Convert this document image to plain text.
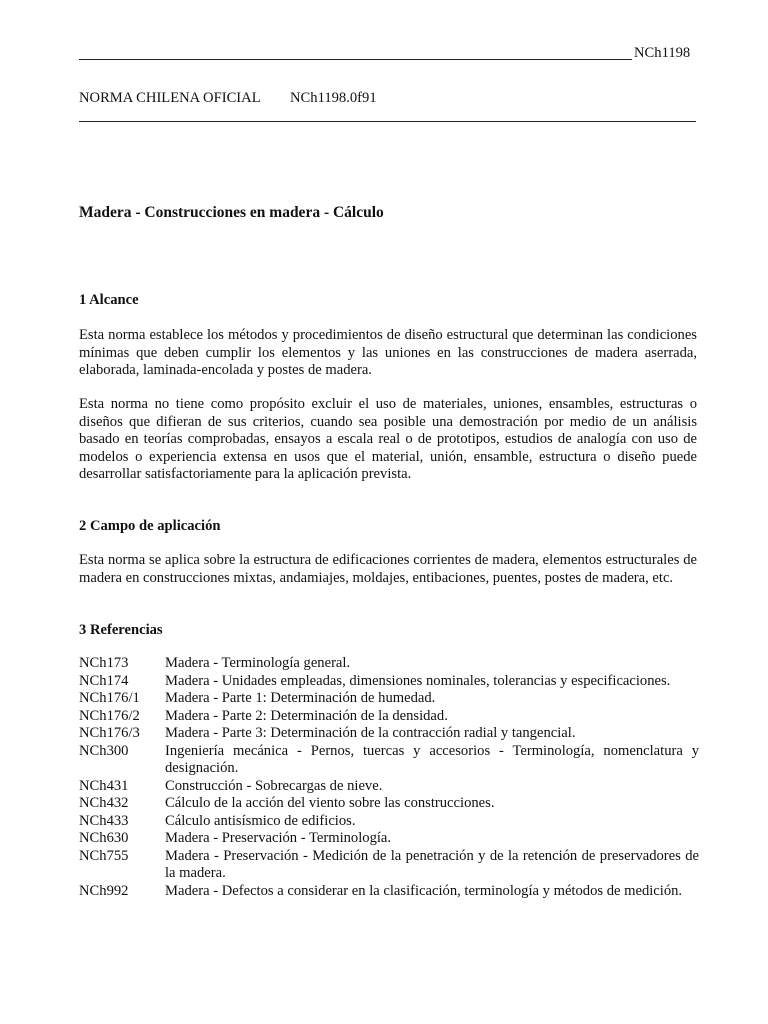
NCh1198
NORMA CHILENA OFICIAL NCh1198.0f91
Madera - Construcciones en madera - Cálculo
1 Alcance
Esta norma establece los métodos y procedimientos de diseño estructural que determinan las condiciones mínimas que deben cumplir los elementos y las uniones en las construcciones de madera aserrada, elaborada, laminada-encolada y postes de madera.
Esta norma no tiene como propósito excluir el uso de materiales, uniones, ensambles, estructuras o diseños que difieran de sus criterios, cuando sea posible una demostración por medio de un análisis basado en teorías comprobadas, ensayos a escala real o de prototipos, estudios de analogía con uso de modelos o experiencia extensa en usos que el material, unión, ensamble, estructura o diseño puede desarrollar satisfactoriamente para la aplicación prevista.
2 Campo de aplicación
Esta norma se aplica sobre la estructura de edificaciones corrientes de madera, elementos estructurales de madera en construcciones mixtas, andamiajes, moldajes, entibaciones, puentes, postes de madera, etc.
3 Referencias
NCh173	Madera - Terminología general.
NCh174	Madera - Unidades empleadas, dimensiones nominales, tolerancias y especificaciones.
NCh176/1	Madera - Parte 1: Determinación de humedad.
NCh176/2	Madera - Parte 2: Determinación de la densidad.
NCh176/3	Madera - Parte 3: Determinación de la contracción radial y tangencial.
NCh300	Ingeniería mecánica - Pernos, tuercas y accesorios - Terminología, nomenclatura y designación.
NCh431	Construcción - Sobrecargas de nieve.
NCh432	Cálculo de la acción del viento sobre las construcciones.
NCh433	Cálculo antisísmico de edificios.
NCh630	Madera - Preservación - Terminología.
NCh755	Madera - Preservación - Medición de la penetración y de la retención de preservadores de la madera.
NCh992	Madera - Defectos a considerar en la clasificación, terminología y métodos de medición.
